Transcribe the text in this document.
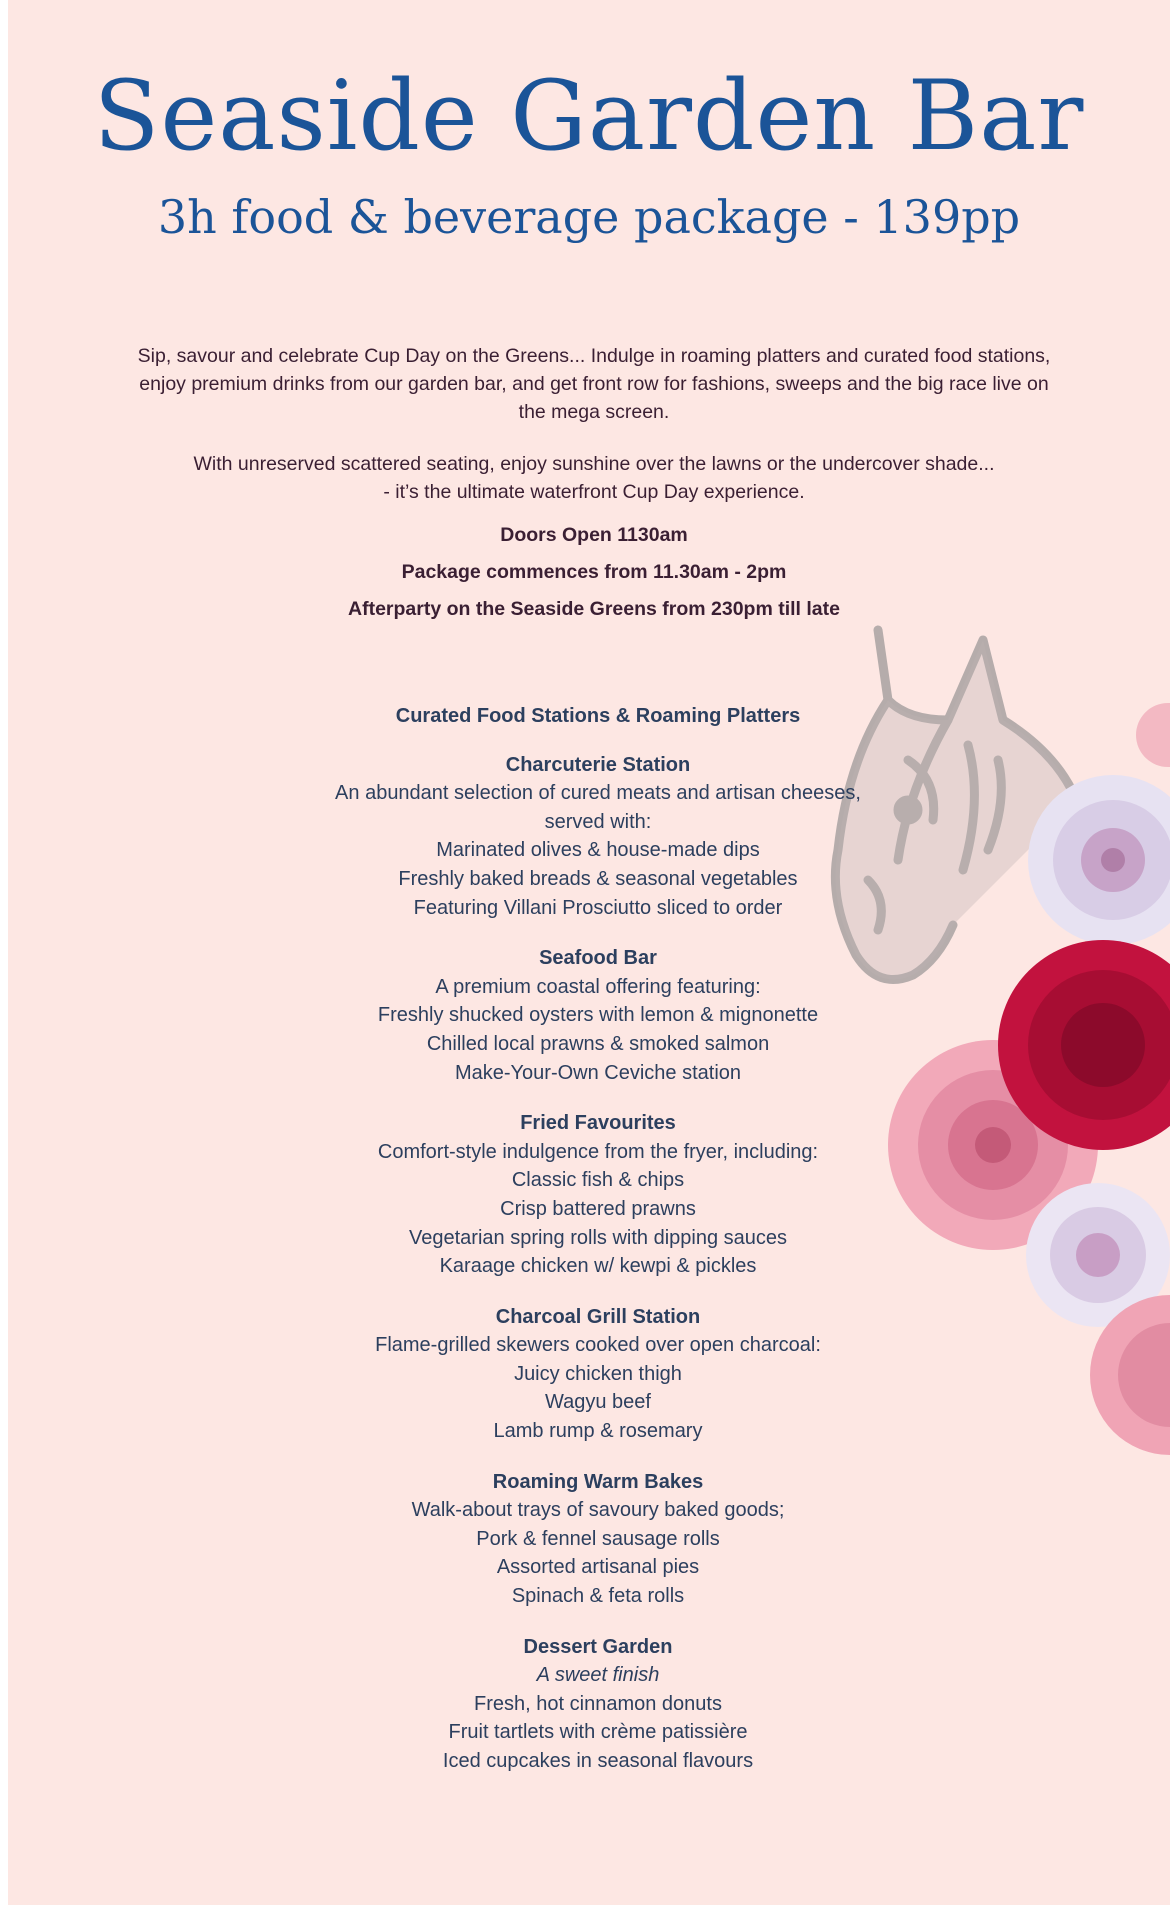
Seaside Garden Bar
3h food & beverage package - 139pp

Sip, savour and celebrate Cup Day on the Greens... Indulge in roaming platters and curated food stations, enjoy premium drinks from our garden bar, and get front row for fashions, sweeps and the big race live on the mega screen.

With unreserved scattered seating, enjoy sunshine over the lawns or the undercover shade...
- it’s the ultimate waterfront Cup Day experience.

Doors Open 1130am
Package commences from 11.30am - 2pm
Afterparty on the Seaside Greens from 230pm till late
Curated Food Stations & Roaming Platters
Charcuterie Station
An abundant selection of cured meats and artisan cheeses,
served with:
Marinated olives & house-made dips
Freshly baked breads & seasonal vegetables
Featuring Villani Prosciutto sliced to order
Seafood Bar
A premium coastal offering featuring:
Freshly shucked oysters with lemon & mignonette
Chilled local prawns & smoked salmon
Make-Your-Own Ceviche station
Fried Favourites
Comfort-style indulgence from the fryer, including:
Classic fish & chips
Crisp battered prawns
Vegetarian spring rolls with dipping sauces
Karaage chicken w/ kewpi & pickles
Charcoal Grill Station
Flame-grilled skewers cooked over open charcoal:
Juicy chicken thigh
Wagyu beef
Lamb rump & rosemary
Roaming Warm Bakes
Walk-about trays of savoury baked goods;
Pork & fennel sausage rolls
Assorted artisanal pies
Spinach & feta rolls
Dessert Garden
A sweet finish
Fresh, hot cinnamon donuts
Fruit tartlets with crème patissière
Iced cupcakes in seasonal flavours
